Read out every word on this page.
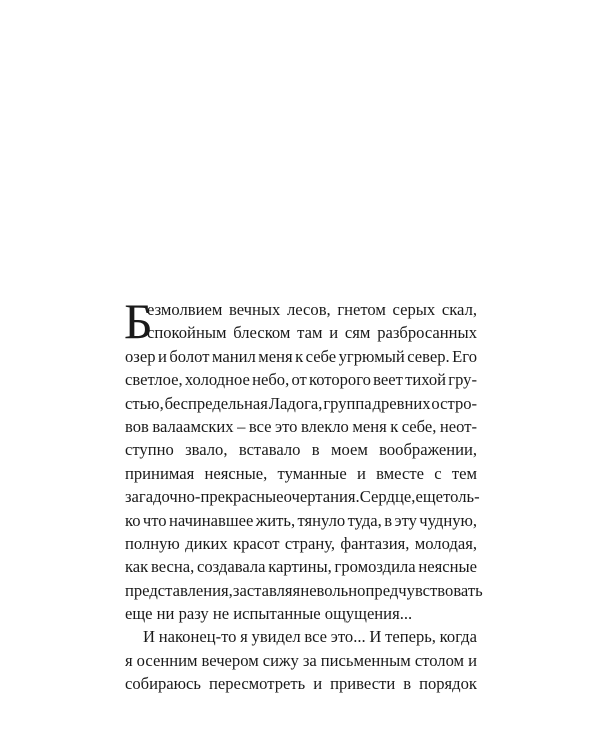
Б
езмолвием вечных лесов, гнетом серых скал,
спокойным блеском там и сям разбросанных
озер и болот манил меня к себе угрюмый север. Его
светлое, холодное небо, от которого веет тихой гру-
стью, беспредельная Ладога, группа древних остро-
вов валаамских – все это влекло меня к себе, неот-
ступно звало, вставало в моем воображении,
принимая неясные, туманные и вместе с тем
загадочно-прекрасные очертания. Сердце, еще толь-
ко что начинавшее жить, тянуло туда, в эту чудную,
полную диких красот страну, фантазия, молодая,
как весна, создавала картины, громоздила неясные
представления, заставляя невольно предчувствовать
еще ни разу не испытанные ощущения...
И наконец-то я увидел все это... И теперь, когда
я осенним вечером сижу за письменным столом и
собираюсь пересмотреть и привести в порядок
